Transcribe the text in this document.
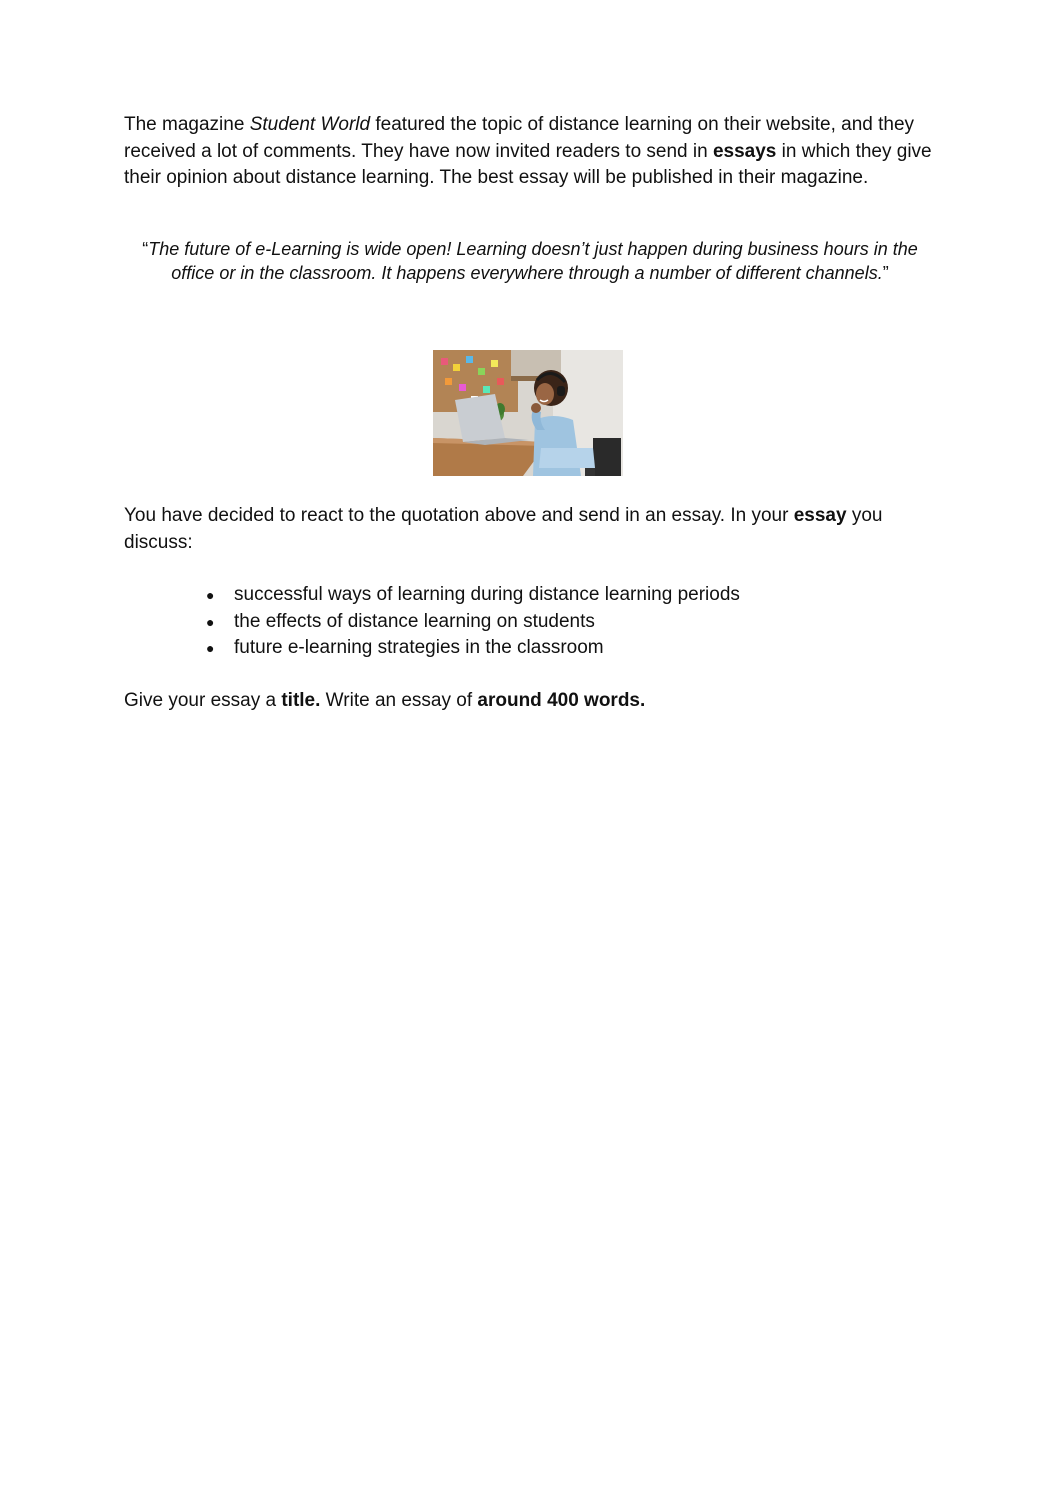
The magazine Student World featured the topic of distance learning on their website, and they received a lot of comments. They have now invited readers to send in essays in which they give their opinion about distance learning. The best essay will be published in their magazine.

“The future of e-Learning is wide open! Learning doesn’t just happen during business hours in the office or in the classroom. It happens everywhere through a number of different channels.”

You have decided to react to the quotation above and send in an essay. In your essay you discuss:

● successful ways of learning during distance learning periods
● the effects of distance learning on students
● future e-learning strategies in the classroom

Give your essay a title. Write an essay of around 400 words.
